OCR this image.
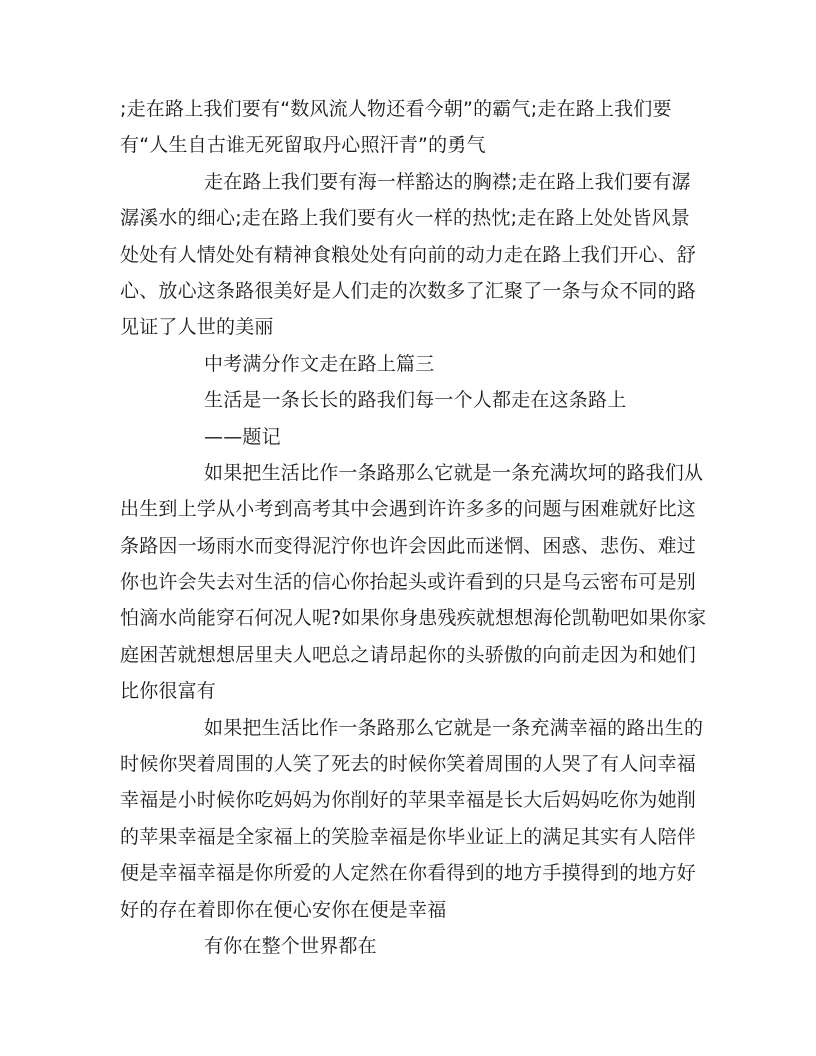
;走在路上我们要有“数风流人物还看今朝”的霸气;走在路上我们要
有“人生自古谁无死留取丹心照汗青”的勇气
走在路上我们要有海一样豁达的胸襟;走在路上我们要有潺
潺溪水的细心;走在路上我们要有火一样的热忱;走在路上处处皆风景
处处有人情处处有精神食粮处处有向前的动力走在路上我们开心、舒
心、放心这条路很美好是人们走的次数多了汇聚了一条与众不同的路
见证了人世的美丽
中考满分作文走在路上篇三
生活是一条长长的路我们每一个人都走在这条路上
——题记
如果把生活比作一条路那么它就是一条充满坎坷的路我们从
出生到上学从小考到高考其中会遇到许许多多的问题与困难就好比这
条路因一场雨水而变得泥泞你也许会因此而迷惘、困惑、悲伤、难过
你也许会失去对生活的信心你抬起头或许看到的只是乌云密布可是别
怕滴水尚能穿石何况人呢?如果你身患残疾就想想海伦凯勒吧如果你家
庭困苦就想想居里夫人吧总之请昂起你的头骄傲的向前走因为和她们
比你很富有
如果把生活比作一条路那么它就是一条充满幸福的路出生的
时候你哭着周围的人笑了死去的时候你笑着周围的人哭了有人问幸福
幸福是小时候你吃妈妈为你削好的苹果幸福是长大后妈妈吃你为她削
的苹果幸福是全家福上的笑脸幸福是你毕业证上的满足其实有人陪伴
便是幸福幸福是你所爱的人定然在你看得到的地方手摸得到的地方好
好的存在着即你在便心安你在便是幸福
有你在整个世界都在
